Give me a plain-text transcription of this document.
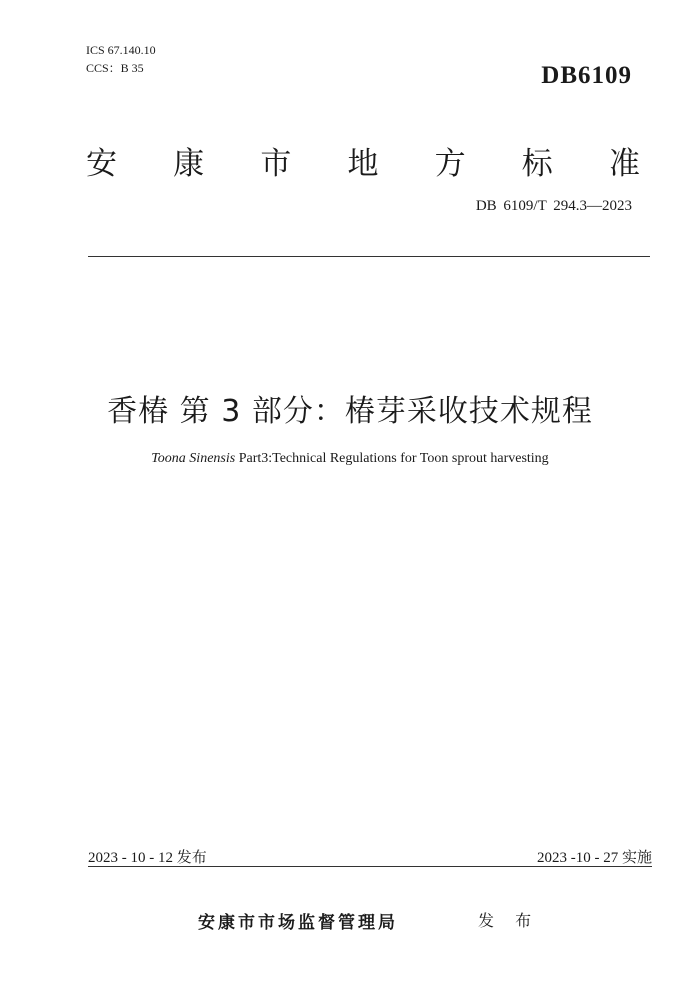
ICS 67.140.10
CCS：B 35	DB6109
安 康 市 地 方 标 准
DB 6109/T 294.3—2023
香椿 第 3 部分：椿芽采收技术规程
Toona Sinensis Part3:Technical Regulations for Toon sprout harvesting
2023 - 10 - 12 发布	2023 -10 - 27 实施
安康市市场监督管理局	发 布
